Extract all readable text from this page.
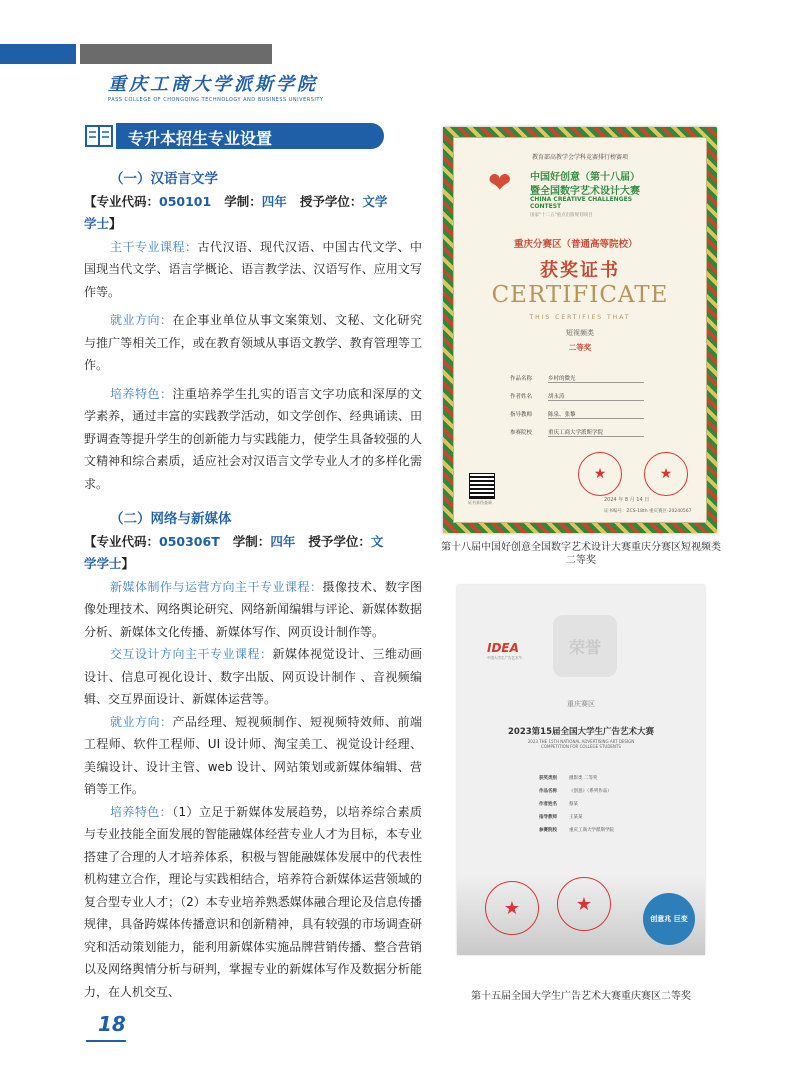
重庆工商大学派斯学院
PASS COLLEGE OF CHONGQING TECHNOLOGY AND BUSINESS UNIVERSITY
专升本招生专业设置
（一）汉语言文学
【专业代码：050101 学制：四年 授予学位：文学
学士】
主干专业课程：古代汉语、现代汉语、中国古代文学、中国现当代文学、语言学概论、语言教学法、汉语写作、应用文写作等。
就业方向：在企事业单位从事文案策划、文秘、文化研究与推广等相关工作，或在教育领域从事语文教学、教育管理等工作。
培养特色：注重培养学生扎实的语言文字功底和深厚的文学素养，通过丰富的实践教学活动，如文学创作、经典诵读、田野调查等提升学生的创新能力与实践能力，使学生具备较强的人文精神和综合素质，适应社会对汉语言文学专业人才的多样化需求。
（二）网络与新媒体
【专业代码：050306T 学制：四年 授予学位：文
学学士】
新媒体制作与运营方向主干专业课程：摄像技术、数字图像处理技术、网络舆论研究、网络新闻编辑与评论、新媒体数据分析、新媒体文化传播、新媒体写作、网页设计制作等。
交互设计方向主干专业课程：新媒体视觉设计、三维动画设计、信息可视化设计、数字出版、网页设计制作 、音视频编辑、交互界面设计、新媒体运营等。
就业方向：产品经理、短视频制作、短视频特效师、前端工程师、软件工程师、UI 设计师、淘宝美工、视觉设计经理、美编设计、设计主管、web 设计、网站策划或新媒体编辑、营销等工作。
培养特色：（1）立足于新媒体发展趋势，以培养综合素质与专业技能全面发展的智能融媒体经营专业人才为目标，本专业搭建了合理的人才培养体系，积极与智能融媒体发展中的代表性机构建立合作，理论与实践相结合，培养符合新媒体运营领域的复合型专业人才；（2）本专业培养熟悉媒体融合理论及信息传播规律，具备跨媒体传播意识和创新精神，具有较强的市场调查研究和活动策划能力，能利用新媒体实施品牌营销传播、整合营销以及网络舆情分析与研判，掌握专业的新媒体写作及数据分析能力，在人机交互、
教育部高教学会学科竞赛排行榜赛项
❤ 中国好创意（第十八届）
暨全国数字艺术设计大赛
CHINA CREATIVE CHALLENGES CONTEST
国家"十二五"重点出版规划项目
重庆分赛区（普通高等院校）
获奖证书
CERTIFICATE
THIS CERTIFIES THAT
短视频类
二等奖
作品名称	乡村的微光
作者姓名	胡永涛
指导教师	陈泉、张黎
参赛院校	重庆工商大学派斯学院
★	★
证书真伪查询	2024 年 8 月 14 日
证书编号：ZCS-18th 重庆赛区-20240567
第十八届中国好创意全国数字艺术设计大赛重庆分赛区短视频类二等奖
IDEA
中国大学生广告艺术节
荣誉
重庆赛区
2023第15届全国大学生广告艺术大赛
2023 THE 15TH NATIONAL ADVERTISING ART DESIGN
COMPETITION FOR COLLEGE STUDENTS
获奖类别	摄影类 二等奖
作品名称	《创意》（系列作品）
作者姓名	蔡某
指导教师	王某某
参赛院校	重庆工商大学派斯学院
★	★
创意兆 巨变
第十五届全国大学生广告艺术大赛重庆赛区二等奖
18
